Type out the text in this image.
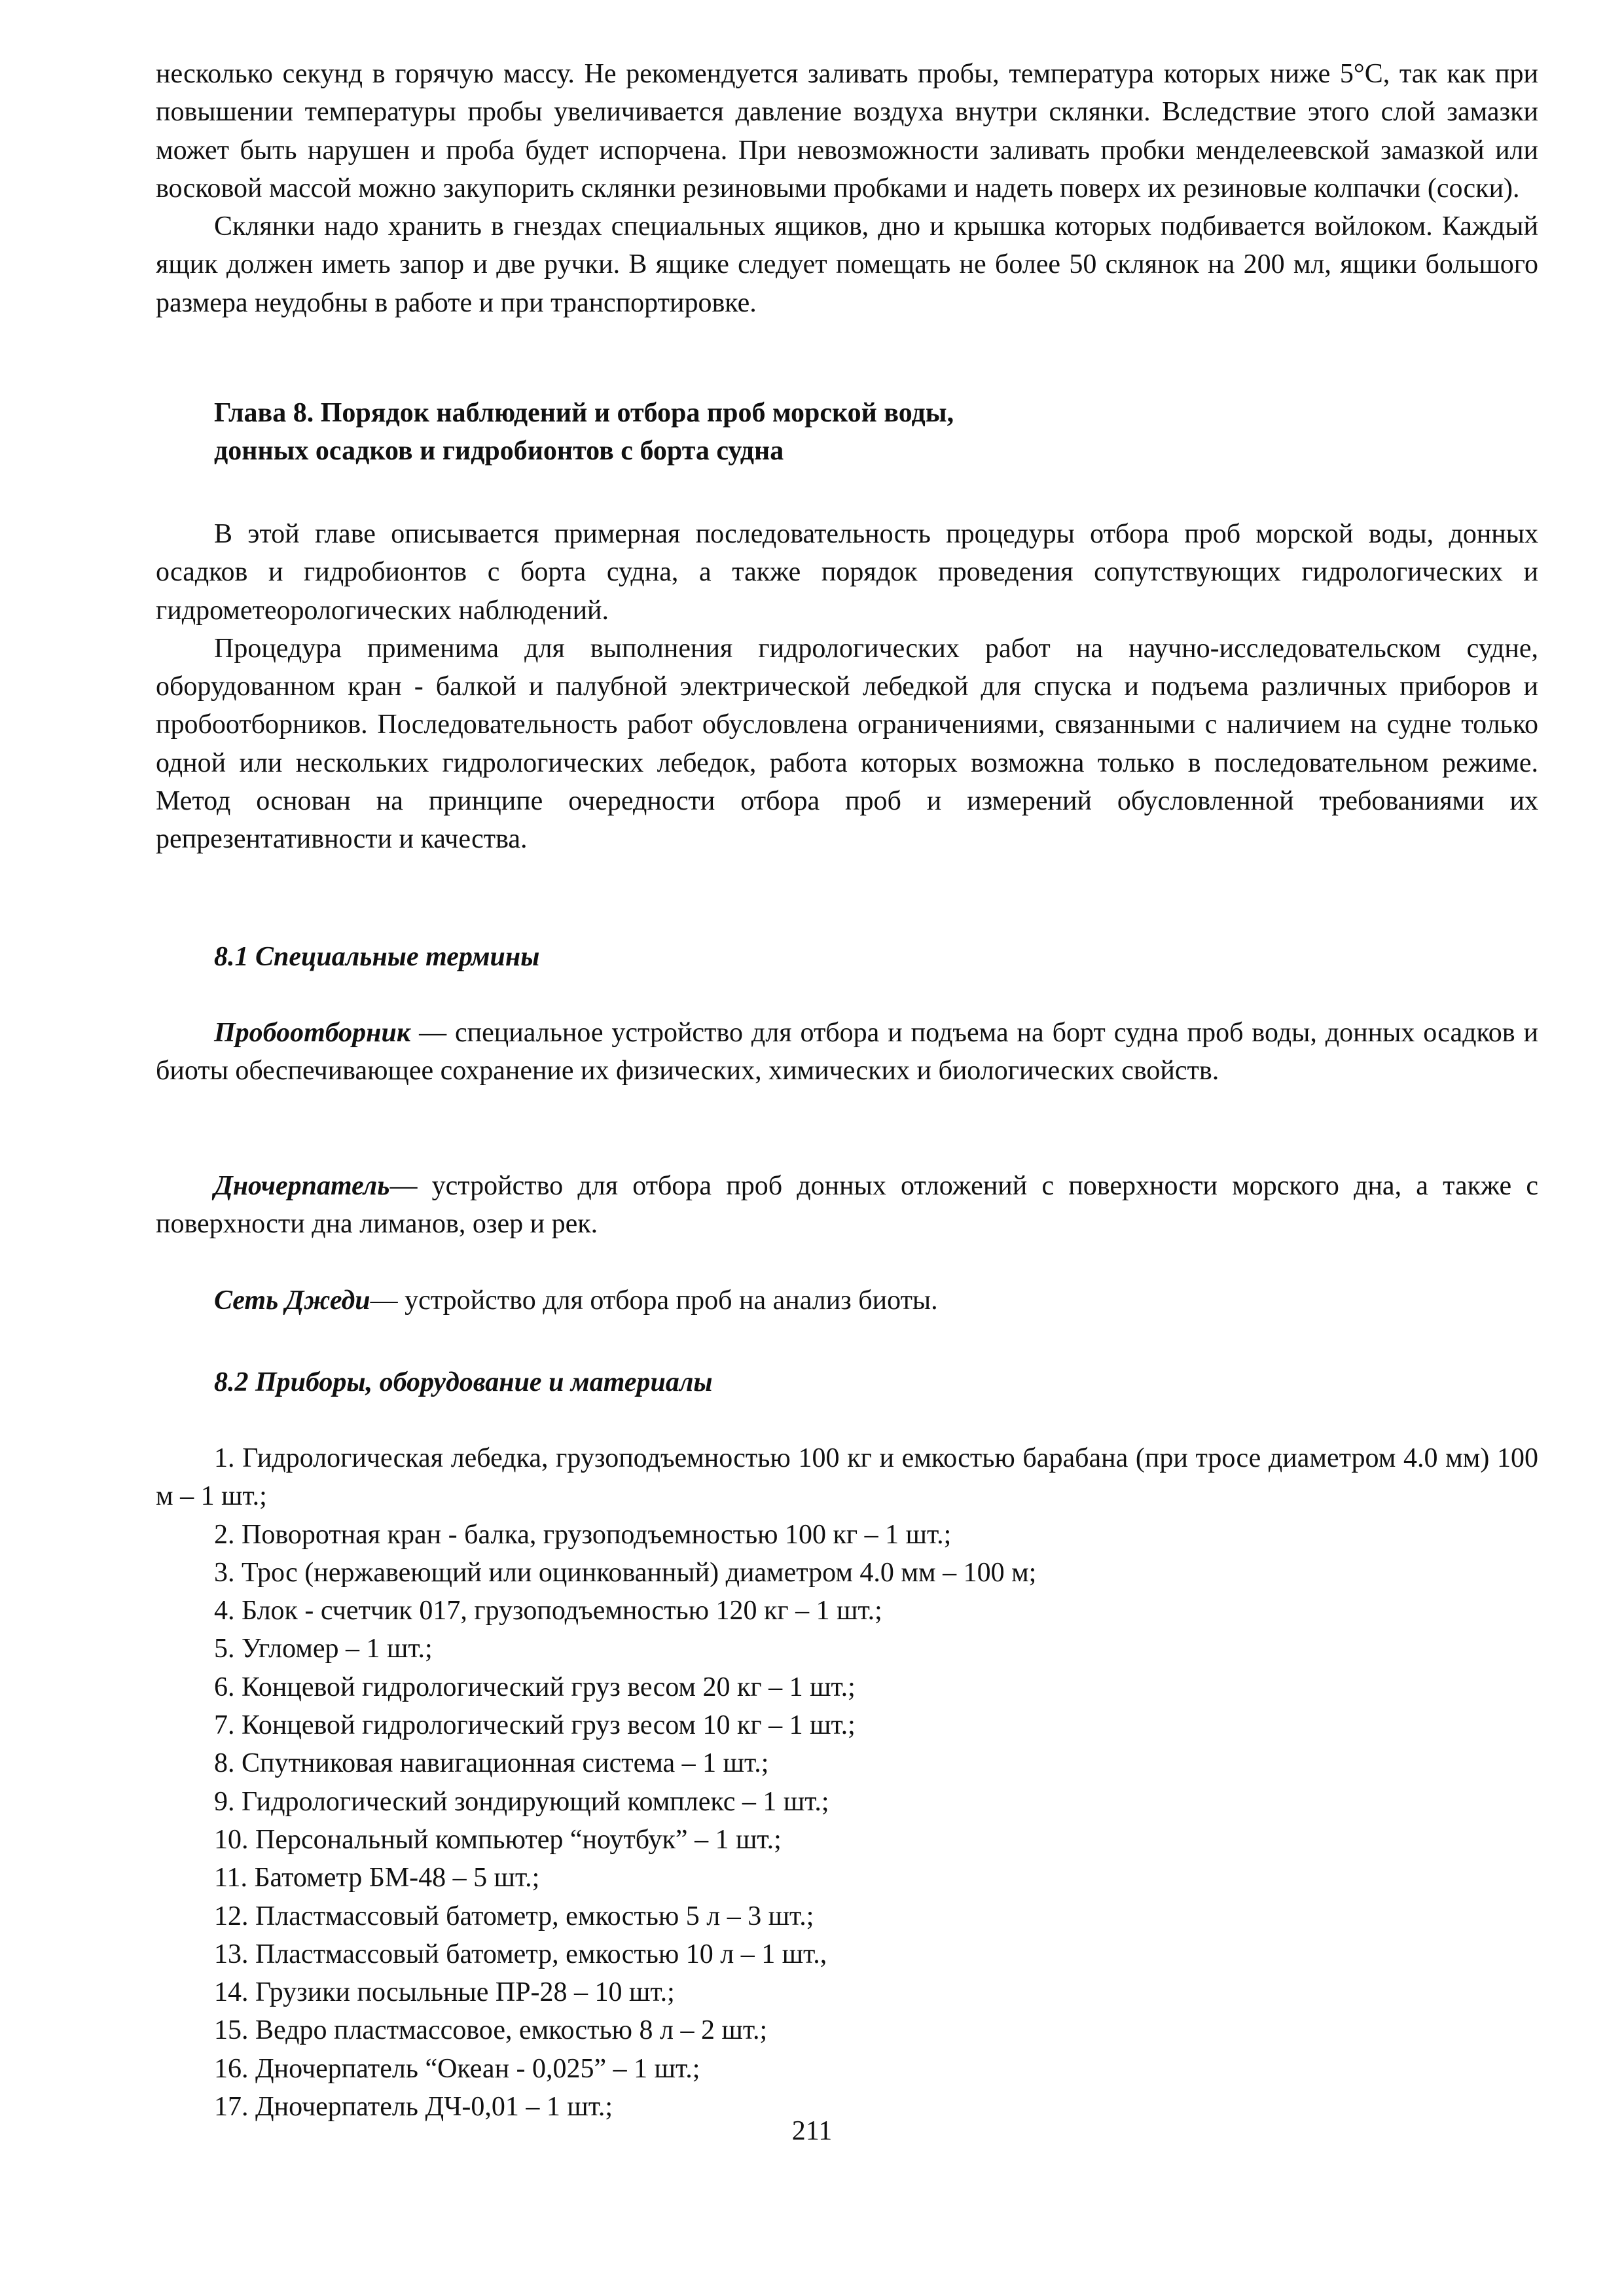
несколько секунд в горячую массу. Не рекомендуется заливать пробы, температура которых ниже 5°С, так как при повышении температуры пробы увеличивается давление воздуха внутри склянки. Вследствие этого слой замазки может быть нарушен и проба будет испорчена. При невозможности заливать пробки менделеевской замазкой или восковой массой можно закупорить склянки резиновыми пробками и надеть поверх их резиновые колпачки (соски).

Склянки надо хранить в гнездах специальных ящиков, дно и крышка которых подбивается войлоком. Каждый ящик должен иметь запор и две ручки. В ящике следует помещать не более 50 склянок на 200 мл, ящики большого размера неудобны в работе и при транспортировке.

Глава 8. Порядок наблюдений и отбора проб морской воды,
донных осадков и гидробионтов с борта судна

В этой главе описывается примерная последовательность процедуры отбора проб морской воды, донных осадков и гидробионтов с борта судна, а также порядок проведения сопутствующих гидрологических и гидрометеорологических наблюдений.

Процедура применима для выполнения гидрологических работ на научно-исследовательском судне, оборудованном кран - балкой и палубной электрической лебедкой для спуска и подъема различных приборов и пробоотборников. Последовательность работ обусловлена ограничениями, связанными с наличием на судне только одной или нескольких гидрологических лебедок, работа которых возможна только в последовательном режиме. Метод основан на принципе очередности отбора проб и измерений обусловленной требованиями их репрезентативности и качества.

8.1 Специальные термины

Пробоотборник — специальное устройство для отбора и подъема на борт судна проб воды, донных осадков и биоты обеспечивающее сохранение их физических, химических и биологических свойств.

Дночерпатель— устройство для отбора проб донных отложений с поверхности морского дна, а также с поверхности дна лиманов, озер и рек.

Сеть Джеди— устройство для отбора проб на анализ биоты.

8.2 Приборы, оборудование и материалы

1. Гидрологическая лебедка, грузоподъемностью 100 кг и емкостью барабана (при тросе диаметром 4.0 мм) 100 м – 1 шт.;

2. Поворотная кран - балка, грузоподъемностью 100 кг – 1 шт.;

3. Трос (нержавеющий или оцинкованный) диаметром 4.0 мм – 100 м;

4. Блок - счетчик 017, грузоподъемностью 120 кг – 1 шт.;

5. Угломер – 1 шт.;

6. Концевой гидрологический груз весом 20 кг – 1 шт.;

7. Концевой гидрологический груз весом 10 кг – 1 шт.;

8. Спутниковая навигационная система – 1 шт.;

9. Гидрологический зондирующий комплекс – 1 шт.;

10. Персональный компьютер “ноутбук” – 1 шт.;

11. Батометр БМ-48 – 5 шт.;

12. Пластмассовый батометр, емкостью 5 л – 3 шт.;

13. Пластмассовый батометр, емкостью 10 л – 1 шт.,

14. Грузики посыльные ПР-28 – 10 шт.;

15. Ведро пластмассовое, емкостью 8 л – 2 шт.;

16. Дночерпатель “Океан - 0,025” – 1 шт.;

17. Дночерпатель ДЧ-0,01 – 1 шт.;

211
